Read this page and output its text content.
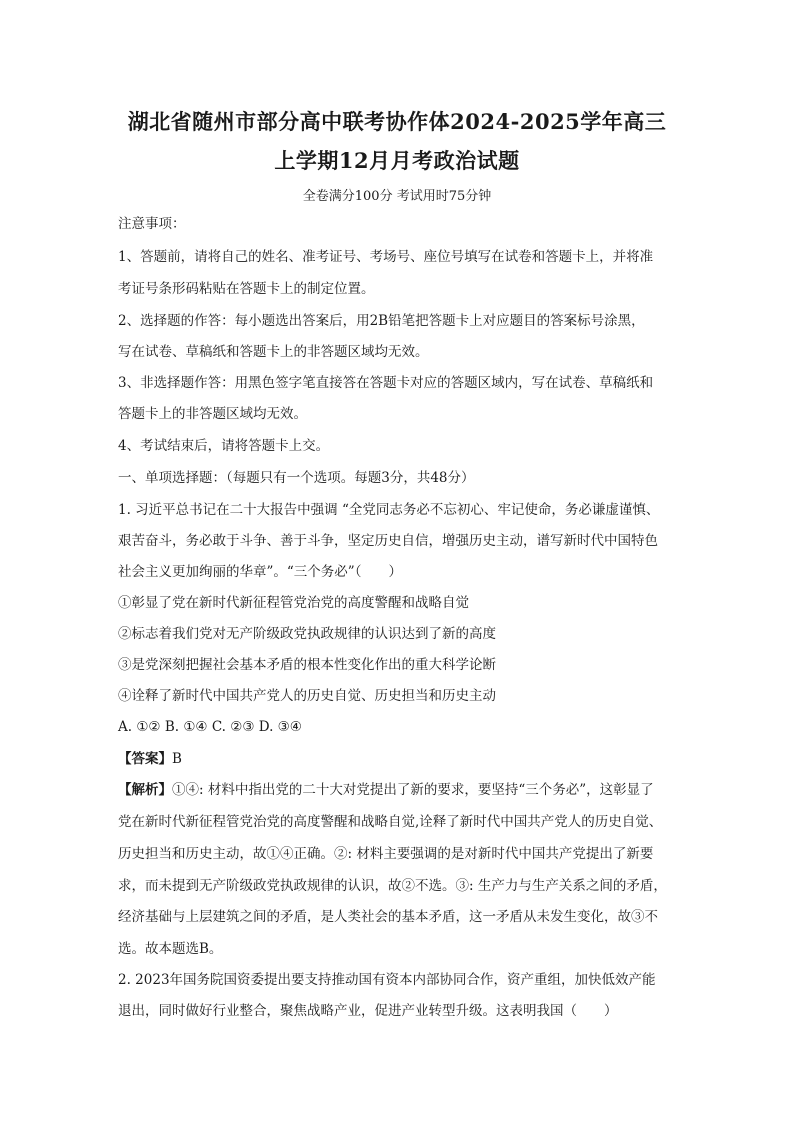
湖北省随州市部分高中联考协作体2024-2025学年高三
上学期12月月考政治试题
全卷满分100分 考试用时75分钟
注意事项：
1、答题前，请将自己的姓名、准考证号、考场号、座位号填写在试卷和答题卡上，并将准
考证号条形码粘贴在答题卡上的制定位置。
2、选择题的作答：每小题选出答案后，用2B铅笔把答题卡上对应题目的答案标号涂黑，
写在试卷、草稿纸和答题卡上的非答题区域均无效。
3、非选择题作答：用黑色签字笔直接答在答题卡对应的答题区域内，写在试卷、草稿纸和
答题卡上的非答题区域均无效。
4、考试结束后，请将答题卡上交。
一、单项选择题：（每题只有一个选项。每题3分，共48分）
1. 习近平总书记在二十大报告中强调 “全党同志务必不忘初心、牢记使命，务必谦虚谨慎、
艰苦奋斗，务必敢于斗争、善于斗争，坚定历史自信，增强历史主动，谱写新时代中国特色
社会主义更加绚丽的华章”。“三个务必”（　　）
①彰显了党在新时代新征程管党治党的高度警醒和战略自觉
②标志着我们党对无产阶级政党执政规律的认识达到了新的高度
③是党深刻把握社会基本矛盾的根本性变化作出的重大科学论断
④诠释了新时代中国共产党人的历史自觉、历史担当和历史主动
A. ①② B. ①④ C. ②③ D. ③④
【答案】B
【解析】①④: 材料中指出党的二十大对党提出了新的要求，要坚持“三个务必”，这彰显了
党在新时代新征程管党治党的高度警醒和战略自觉,诠释了新时代中国共产党人的历史自觉、
历史担当和历史主动，故①④正确。②: 材料主要强调的是对新时代中国共产党提出了新要
求，而未提到无产阶级政党执政规律的认识，故②不选。③: 生产力与生产关系之间的矛盾，
经济基础与上层建筑之间的矛盾，是人类社会的基本矛盾，这一矛盾从未发生变化，故③不
选。故本题选B。
2. 2023年国务院国资委提出要支持推动国有资本内部协同合作，资产重组，加快低效产能
退出，同时做好行业整合，聚焦战略产业，促进产业转型升级。这表明我国（　　）
